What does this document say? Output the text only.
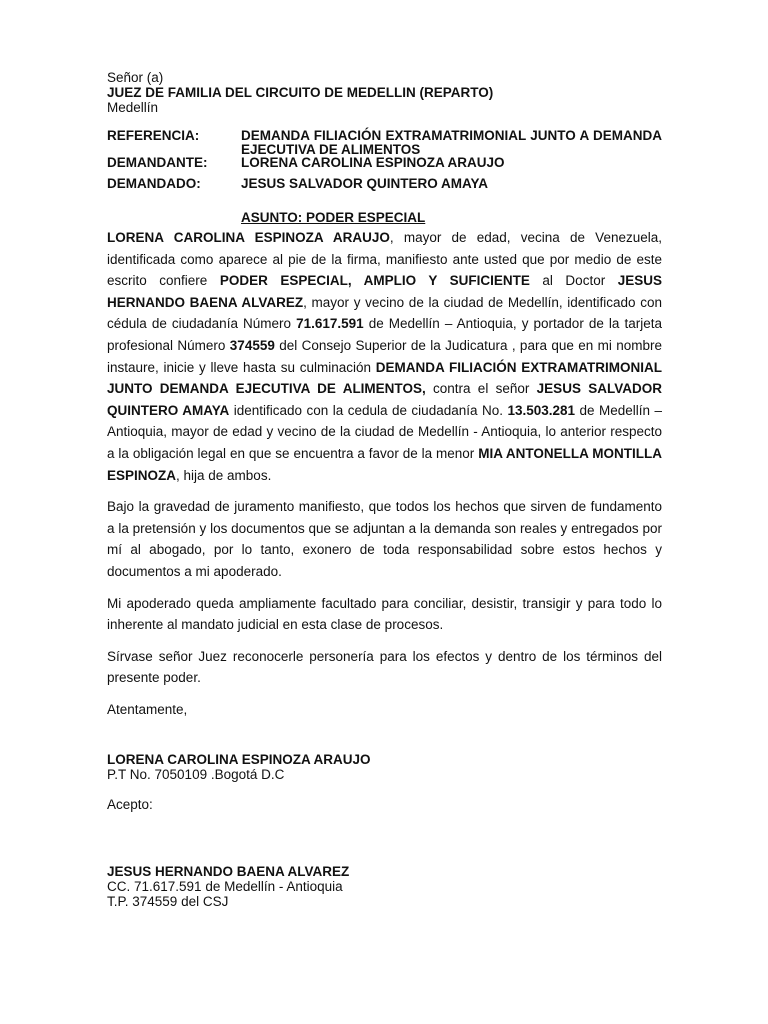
Señor (a)

JUEZ DE FAMILIA DEL CIRCUITO DE MEDELLIN (REPARTO)

Medellín

REFERENCIA:	DEMANDA FILIACIÓN EXTRAMATRIMONIAL JUNTO A DEMANDA EJECUTIVA DE ALIMENTOS
DEMANDANTE:	LORENA CAROLINA ESPINOZA ARAUJO
DEMANDADO:	JESUS SALVADOR QUINTERO AMAYA

ASUNTO: PODER ESPECIAL

LORENA CAROLINA ESPINOZA ARAUJO, mayor de edad, vecina de Venezuela, identificada como aparece al pie de la firma, manifiesto ante usted que por medio de este escrito confiere PODER ESPECIAL, AMPLIO Y SUFICIENTE al Doctor JESUS HERNANDO BAENA ALVAREZ, mayor y vecino de la ciudad de Medellín, identificado con cédula de ciudadanía Número 71.617.591 de Medellín – Antioquia, y portador de la tarjeta profesional Número 374559 del Consejo Superior de la Judicatura , para que en mi nombre instaure, inicie y lleve hasta su culminación DEMANDA FILIACIÓN EXTRAMATRIMONIAL JUNTO DEMANDA EJECUTIVA DE ALIMENTOS, contra el señor JESUS SALVADOR QUINTERO AMAYA identificado con la cedula de ciudadanía No. 13.503.281 de Medellín – Antioquia, mayor de edad y vecino de la ciudad de Medellín - Antioquia, lo anterior respecto a la obligación legal en que se encuentra a favor de la menor MIA ANTONELLA MONTILLA ESPINOZA, hija de ambos.

Bajo la gravedad de juramento manifiesto, que todos los hechos que sirven de fundamento a la pretensión y los documentos que se adjuntan a la demanda son reales y entregados por mí al abogado, por lo tanto, exonero de toda responsabilidad sobre estos hechos y documentos a mi apoderado.

Mi apoderado queda ampliamente facultado para conciliar, desistir, transigir y para todo lo inherente al mandato judicial en esta clase de procesos.

Sírvase señor Juez reconocerle personería para los efectos y dentro de los términos del presente poder.

Atentamente,

LORENA CAROLINA ESPINOZA ARAUJO

P.T No. 7050109 .Bogotá D.C

Acepto:

JESUS HERNANDO BAENA ALVAREZ

CC. 71.617.591 de Medellín - Antioquia

T.P. 374559 del CSJ
